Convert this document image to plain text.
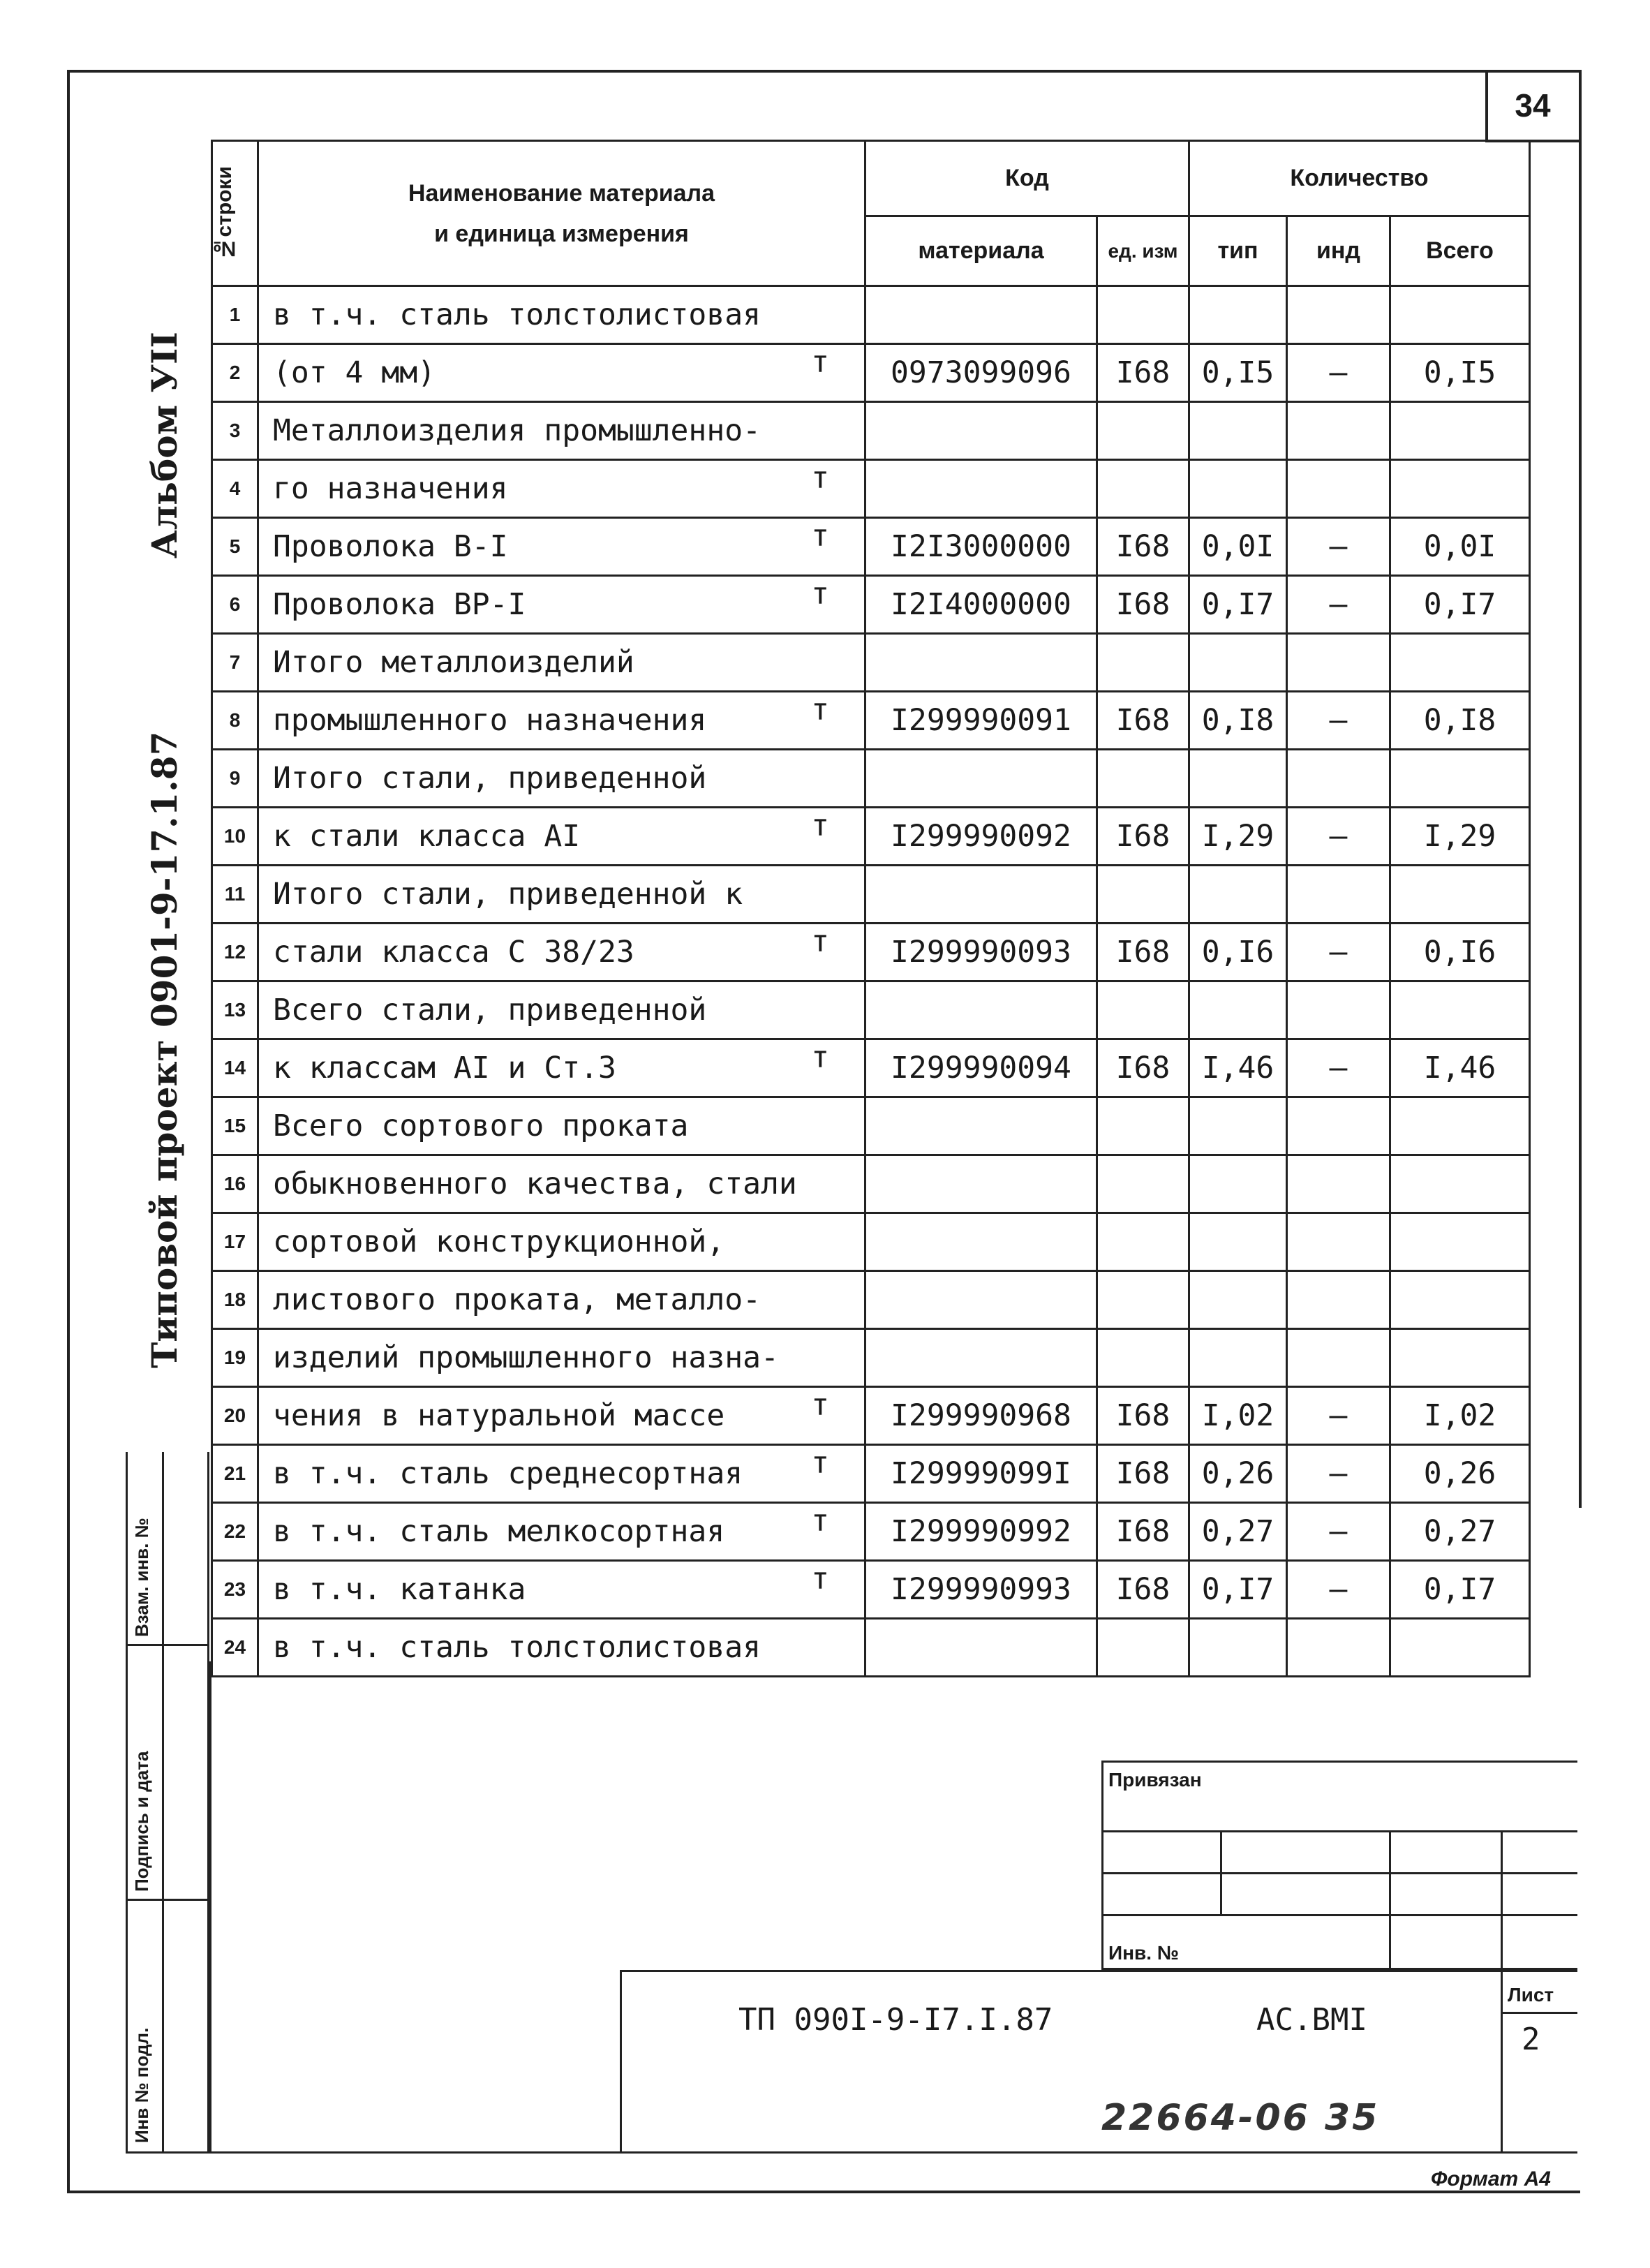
34
Альбом УII
Типовой проект 0901-9-17.1.87
№строки	Наименование материала
и единица измерения	Код		Количество		
		материала	ед. изм	тип	инд	Всего
1	в т.ч. сталь толстолистовая

2	(от 4 мм) т	0973099096	I68	0,I5	–	0,I5
3	Металлоизделия промышленно-

4	го назначения т					

5	Проволока В-I т	I2I3000000	I68	0,0I	–	0,0I
6	Проволока ВР-I т	I2I4000000	I68	0,I7	–	0,I7
7	Итого металлоизделий

8	промышленного назначения т	I299990091	I68	0,I8	–	0,I8
9	Итого стали, приведенной

10	к стали класса АI т	I299990092	I68	I,29	–	I,29
11	Итого стали, приведенной к

12	стали класса С 38/23 т	I299990093	I68	0,I6	–	0,I6
13	Всего стали, приведенной

14	к классам АI и Ст.3 т	I299990094	I68	I,46	–	I,46
15	Всего сортового проката

16	обыкновенного качества, стали

17	сортовой конструкционной,

18	листового проката, металло-

19	изделий промышленного назна-

20	чения в натуральной массе т	I299990968	I68	I,02	–	I,02
21	в т.ч. сталь среднесортная т	I29999099I	I68	0,26	–	0,26
22	в т.ч. сталь мелкосортная т	I299990992	I68	0,27	–	0,27
23	в т.ч. катанка т	I299990993	I68	0,I7	–	0,I7
24	в т.ч. сталь толстолистовая

Инв № подл.
Подпись и дата
Взам. инв. №
Привязан
Инв. №
ТП 090I-9-I7.I.87	АС.ВМI
Лист
2
22664-06 35
Формат А4
